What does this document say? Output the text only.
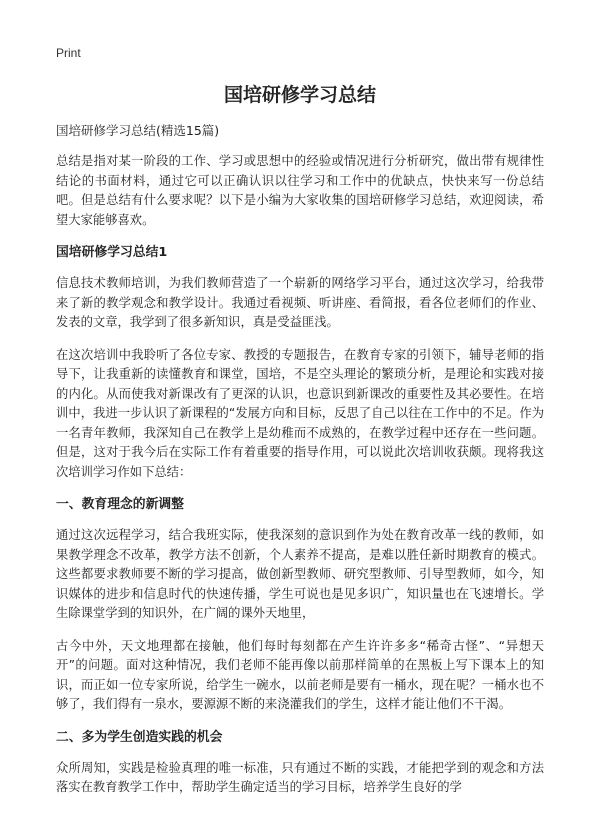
Print
国培研修学习总结
国培研修学习总结(精选15篇)

总结是指对某一阶段的工作、学习或思想中的经验或情况进行分析研究，做出带有规律性结论的书面材料，通过它可以正确认识以往学习和工作中的优缺点，快快来写一份总结吧。但是总结有什么要求呢？以下是小编为大家收集的国培研修学习总结，欢迎阅读，希望大家能够喜欢。

国培研修学习总结1

信息技术教师培训，为我们教师营造了一个崭新的网络学习平台，通过这次学习，给我带来了新的教学观念和教学设计。我通过看视频、听讲座、看简报，看各位老师们的作业、发表的文章，我学到了很多新知识，真是受益匪浅。

在这次培训中我聆听了各位专家、教授的专题报告，在教育专家的引领下，辅导老师的指导下，让我重新的读懂教育和课堂，国培，不是空头理论的繁琐分析，是理论和实践对接的内化。从而使我对新课改有了更深的认识，也意识到新课改的重要性及其必要性。在培训中，我进一步认识了新课程的“发展方向和目标，反思了自己以往在工作中的不足。作为一名青年教师，我深知自己在教学上是幼稚而不成熟的，在教学过程中还存在一些问题。但是，这对于我今后在实际工作有着重要的指导作用，可以说此次培训收获颇。现将我这次培训学习作如下总结：

一、教育理念的新调整

通过这次远程学习，结合我班实际，使我深刻的意识到作为处在教育改革一线的教师，如果教学理念不改革，教学方法不创新，个人素养不提高，是难以胜任新时期教育的模式。这些都要求教师要不断的学习提高，做创新型教师、研究型教师、引导型教师，如今，知识媒体的进步和信息时代的快速传播，学生可说也是见多识广，知识量也在飞速增长。学生除课堂学到的知识外，在广阔的课外天地里，

古今中外，天文地理都在接触，他们每时每刻都在产生许许多多“稀奇古怪”、“异想天开”的问题。面对这种情况，我们老师不能再像以前那样简单的在黑板上写下课本上的知识，而正如一位专家所说，给学生一碗水，以前老师是要有一桶水，现在呢？一桶水也不够了，我们得有一泉水，要源源不断的来浇灌我们的学生，这样才能让他们不干渴。

二、多为学生创造实践的机会

众所周知，实践是检验真理的唯一标准，只有通过不断的实践，才能把学到的观念和方法落实在教育教学工作中，帮助学生确定适当的学习目标，培养学生良好的学
